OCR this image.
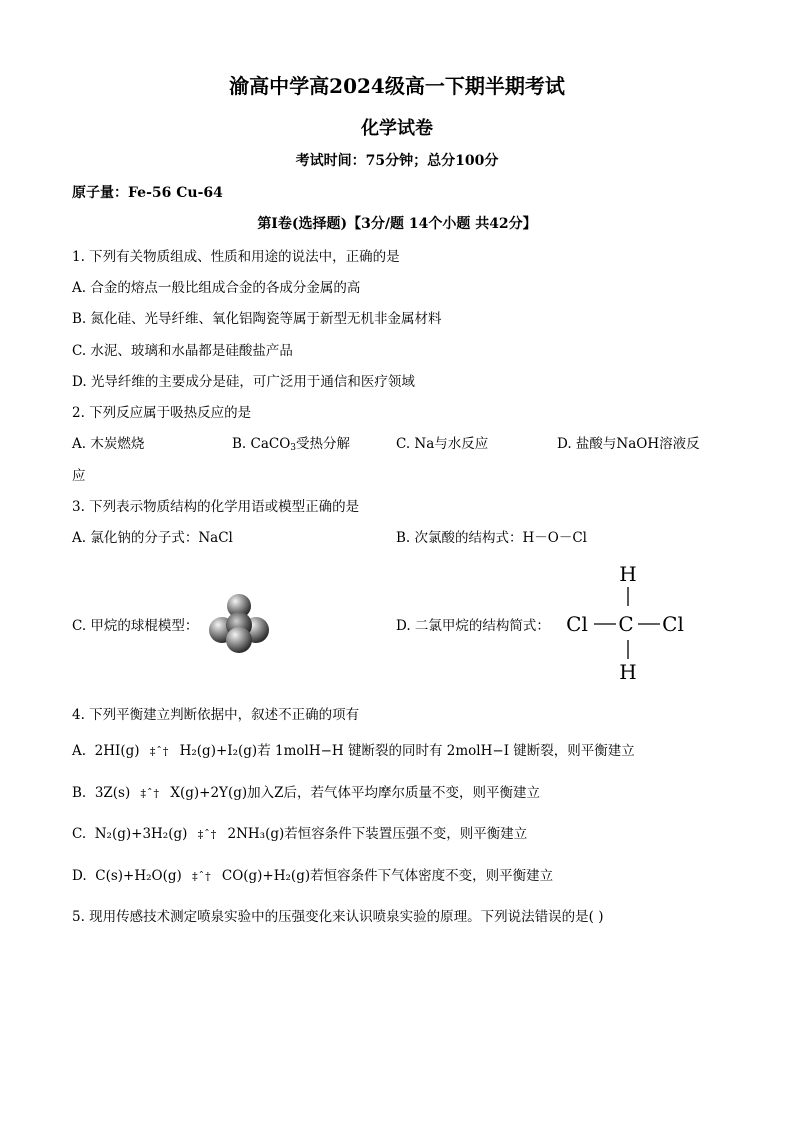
渝高中学高2024级高一下期半期考试
化学试卷
考试时间：75分钟；总分100分
原子量：Fe-56 Cu-64
第Ⅰ卷(选择题)【3分/题 14个小题 共42分】
1. 下列有关物质组成、性质和用途的说法中，正确的是
A. 合金的熔点一般比组成合金的各成分金属的高
B. 氮化硅、光导纤维、氧化铝陶瓷等属于新型无机非金属材料
C. 水泥、玻璃和水晶都是硅酸盐产品
D. 光导纤维的主要成分是硅，可广泛用于通信和医疗领域
2. 下列反应属于吸热反应的是
A. 木炭燃烧	B. CaCO3受热分解	C. Na与水反应	D. 盐酸与NaOH溶液反
应
3. 下列表示物质结构的化学用语或模型正确的是
A. 氯化钠的分子式：NaCl	B. 次氯酸的结构式：H－O－Cl
C. 甲烷的球棍模型：	D. 二氯甲烷的结构简式：
H
Cl C Cl
H
4. 下列平衡建立判断依据中，叙述不正确的项有
A. 2HI(g) ‡ˆ† H₂(g)+I₂(g)若 1molH−H 键断裂的同时有 2molH−I 键断裂，则平衡建立
B. 3Z(s) ‡ˆ† X(g)+2Y(g)加入Z后，若气体平均摩尔质量不变，则平衡建立
C. N₂(g)+3H₂(g) ‡ˆ† 2NH₃(g)若恒容条件下装置压强不变，则平衡建立
D. C(s)+H₂O(g) ‡ˆ† CO(g)+H₂(g)若恒容条件下气体密度不变，则平衡建立
5. 现用传感技术测定喷泉实验中的压强变化来认识喷泉实验的原理。下列说法错误的是( )
